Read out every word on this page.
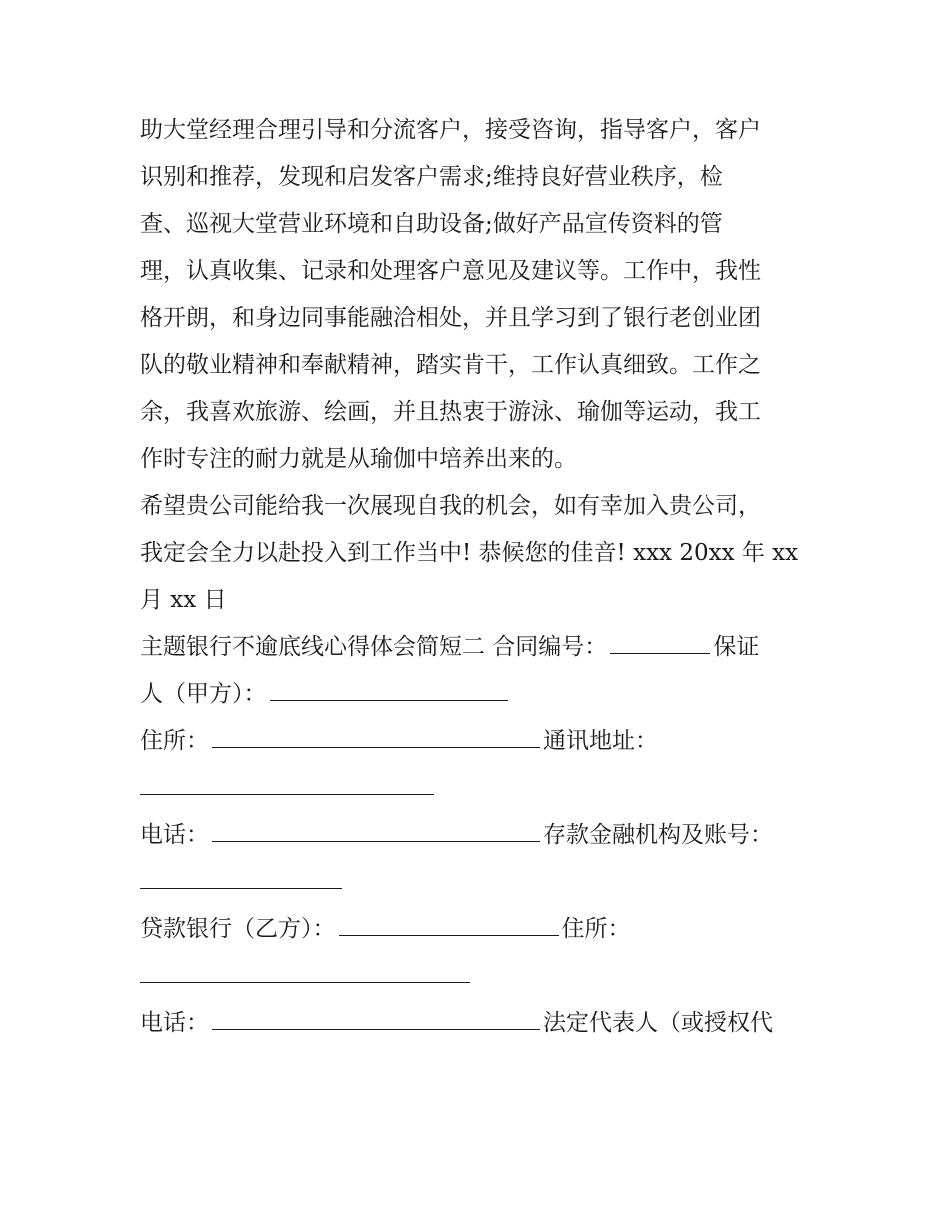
助大堂经理合理引导和分流客户，接受咨询，指导客户，客户
识别和推荐，发现和启发客户需求;维持良好营业秩序，检
查、巡视大堂营业环境和自助设备;做好产品宣传资料的管
理，认真收集、记录和处理客户意见及建议等。工作中，我性
格开朗，和身边同事能融洽相处，并且学习到了银行老创业团
队的敬业精神和奉献精神，踏实肯干，工作认真细致。工作之
余，我喜欢旅游、绘画，并且热衷于游泳、瑜伽等运动，我工
作时专注的耐力就是从瑜伽中培养出来的。
希望贵公司能给我一次展现自我的机会，如有幸加入贵公司，
我定会全力以赴投入到工作当中! 恭候您的佳音! xxx 20xx 年 xx
月 xx 日
主题银行不逾底线心得体会简短二 合同编号：	保证
人（甲方）：
住所：	通讯地址：
电话：	存款金融机构及账号：
贷款银行（乙方）：	住所：
电话：	法定代表人（或授权代
